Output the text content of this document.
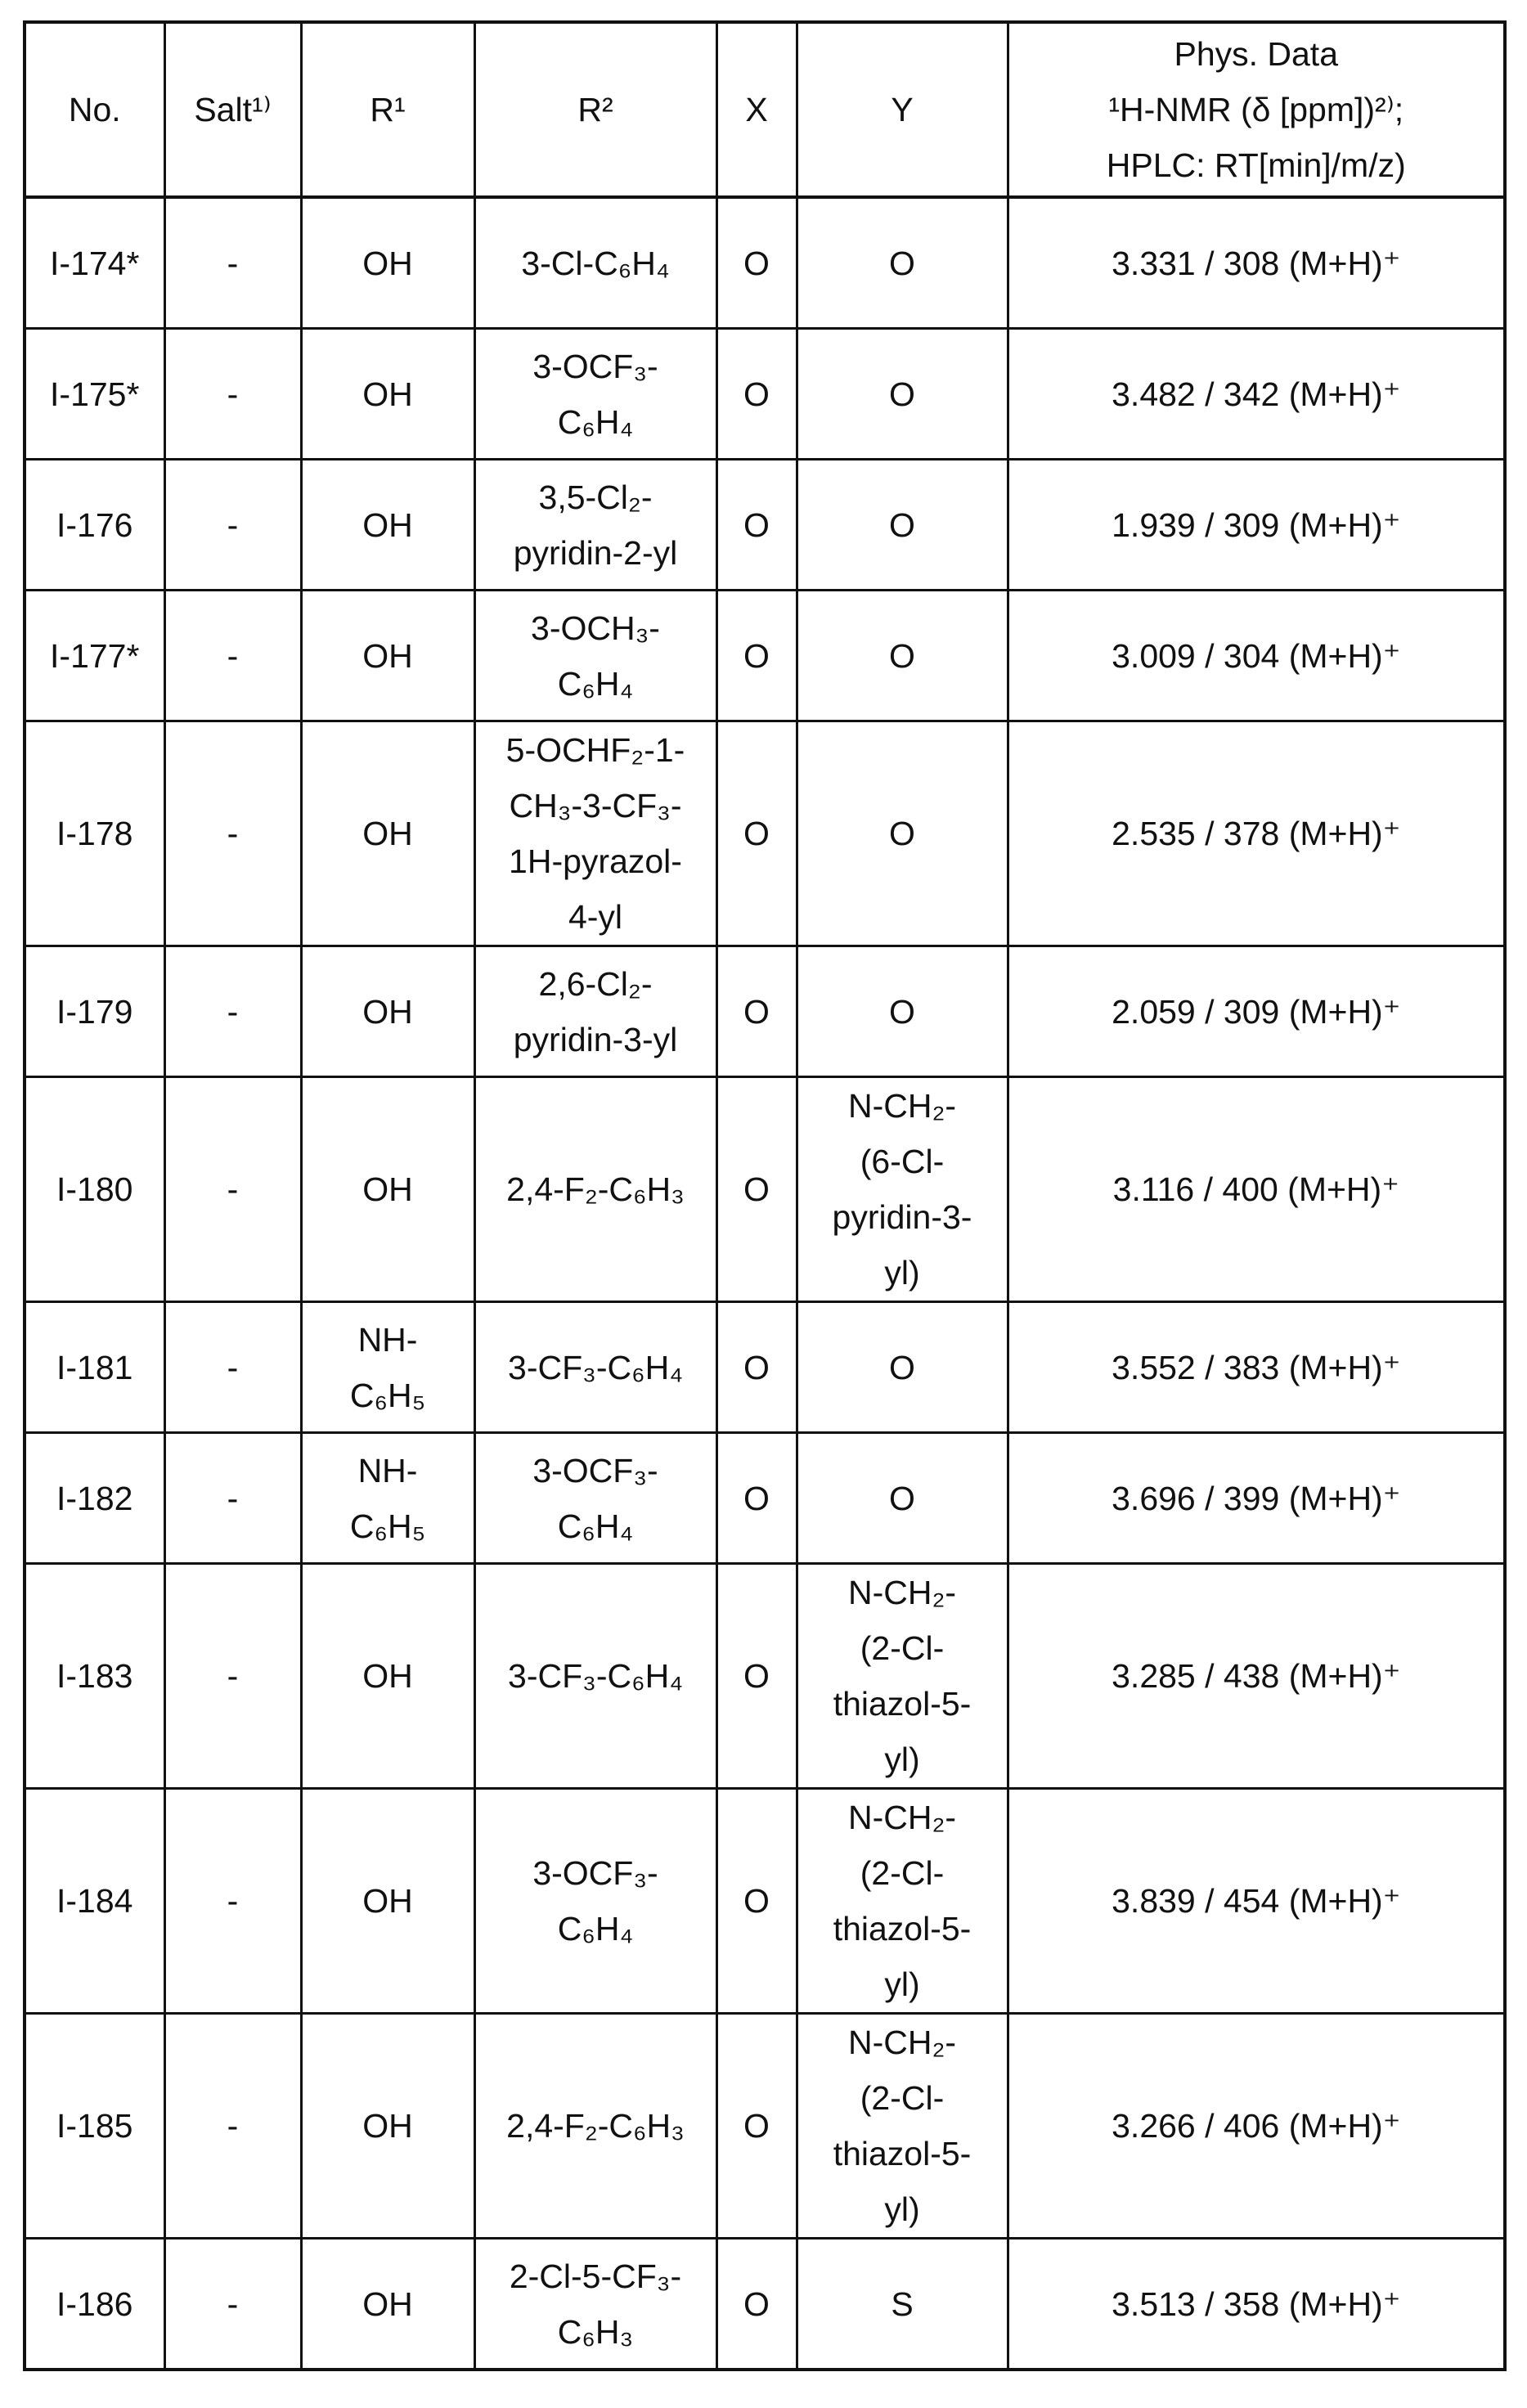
No.	Salt¹⁾	R¹	R²	X	Y	Phys. Data
¹H-NMR (δ [ppm])²⁾;
HPLC: RT[min]/m/z)
I-174*	-	OH	3-Cl-C₆H₄	O	O	3.331 / 308 (M+H)⁺
I-175*	-	OH	3-OCF₃-
C₆H₄	O	O	3.482 / 342 (M+H)⁺
I-176	-	OH	3,5-Cl₂-
pyridin-2-yl	O	O	1.939 / 309 (M+H)⁺
I-177*	-	OH	3-OCH₃-
C₆H₄	O	O	3.009 / 304 (M+H)⁺
I-178	-	OH	5-OCHF₂-1-
CH₃-3-CF₃-
1H-pyrazol-
4-yl	O	O	2.535 / 378 (M+H)⁺
I-179	-	OH	2,6-Cl₂-
pyridin-3-yl	O	O	2.059 / 309 (M+H)⁺
I-180	-	OH	2,4-F₂-C₆H₃	O	N-CH₂-
(6-Cl-
pyridin-3-
yl)	3.116 / 400 (M+H)⁺
I-181	-	NH-
C₆H₅	3-CF₃-C₆H₄	O	O	3.552 / 383 (M+H)⁺
I-182	-	NH-
C₆H₅	3-OCF₃-
C₆H₄	O	O	3.696 / 399 (M+H)⁺
I-183	-	OH	3-CF₃-C₆H₄	O	N-CH₂-
(2-Cl-
thiazol-5-
yl)	3.285 / 438 (M+H)⁺
I-184	-	OH	3-OCF₃-
C₆H₄	O	N-CH₂-
(2-Cl-
thiazol-5-
yl)	3.839 / 454 (M+H)⁺
I-185	-	OH	2,4-F₂-C₆H₃	O	N-CH₂-
(2-Cl-
thiazol-5-
yl)	3.266 / 406 (M+H)⁺
I-186	-	OH	2-Cl-5-CF₃-
C₆H₃	O	S	3.513 / 358 (M+H)⁺
